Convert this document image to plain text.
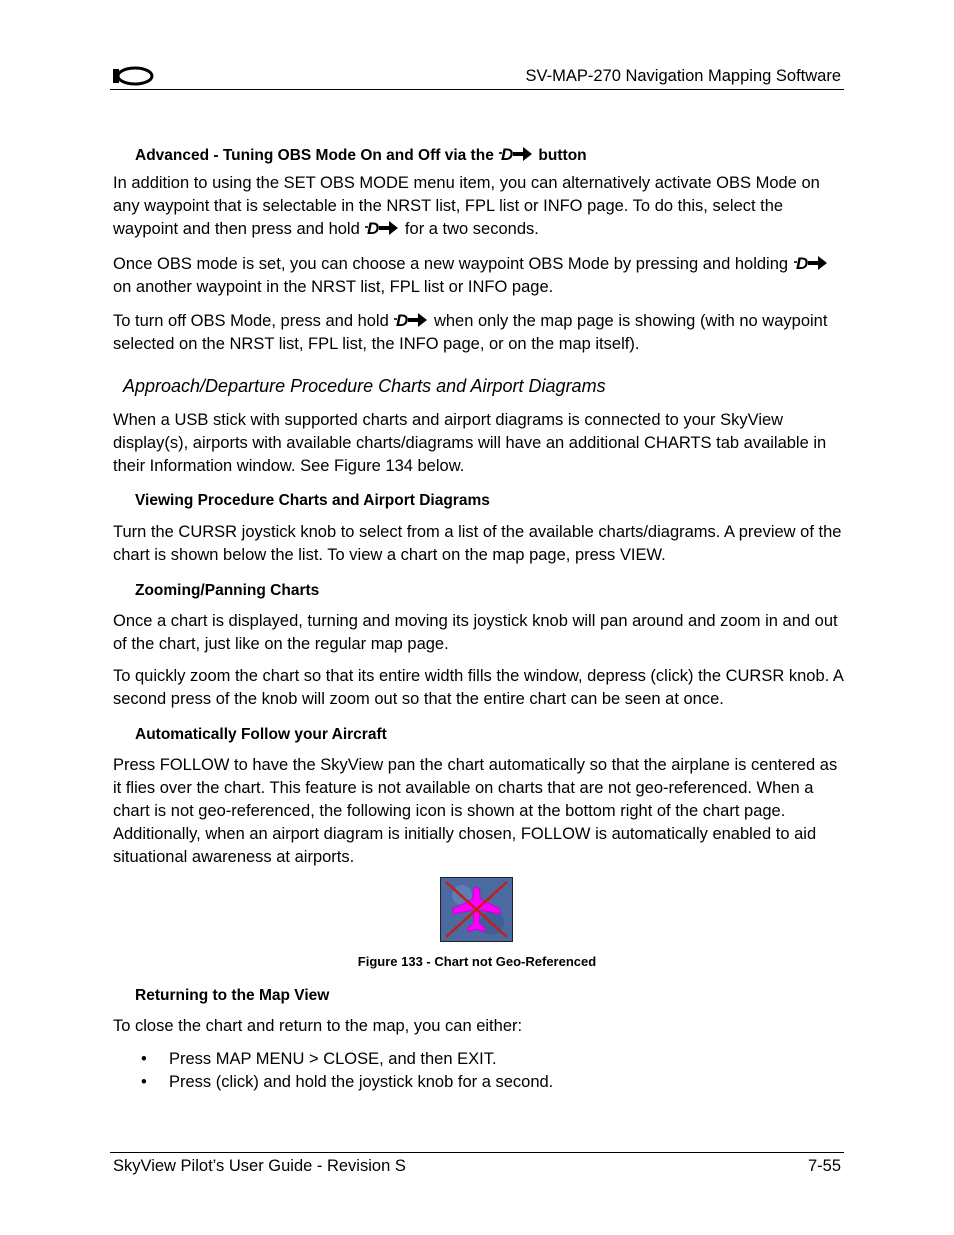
SV-MAP-270 Navigation Mapping Software
Advanced - Tuning OBS Mode On and Off via the  button
In addition to using the SET OBS MODE menu item, you can alternatively activate OBS Mode on any waypoint that is selectable in the NRST list, FPL list or INFO page. To do this, select the waypoint and then press and hold  for a two seconds.
Once OBS mode is set, you can choose a new waypoint OBS Mode by pressing and holding  on another waypoint in the NRST list, FPL list or INFO page.
To turn off OBS Mode, press and hold  when only the map page is showing (with no waypoint selected on the NRST list, FPL list, the INFO page, or on the map itself).
Approach/Departure Procedure Charts and Airport Diagrams
When a USB stick with supported charts and airport diagrams is connected to your SkyView display(s), airports with available charts/diagrams will have an additional CHARTS tab available in their Information window. See Figure 134 below.
Viewing Procedure Charts and Airport Diagrams
Turn the CURSR joystick knob to select from a list of the available charts/diagrams. A preview of the chart is shown below the list. To view a chart on the map page, press VIEW.
Zooming/Panning Charts
Once a chart is displayed, turning and moving its joystick knob will pan around and zoom in and out of the chart, just like on the regular map page.
To quickly zoom the chart so that its entire width fills the window, depress (click) the CURSR knob. A second press of the knob will zoom out so that the entire chart can be seen at once.
Automatically Follow your Aircraft
Press FOLLOW to have the SkyView pan the chart automatically so that the airplane is centered as it flies over the chart. This feature is not available on charts that are not geo-referenced. When a chart is not geo-referenced, the following icon is shown at the bottom right of the chart page. Additionally, when an airport diagram is initially chosen, FOLLOW is automatically enabled to aid situational awareness at airports.
Figure 133 - Chart not Geo-Referenced
Returning to the Map View
To close the chart and return to the map, you can either:
• Press MAP MENU > CLOSE, and then EXIT.
• Press (click) and hold the joystick knob for a second.
SkyView Pilot’s User Guide - Revision S	7-55
